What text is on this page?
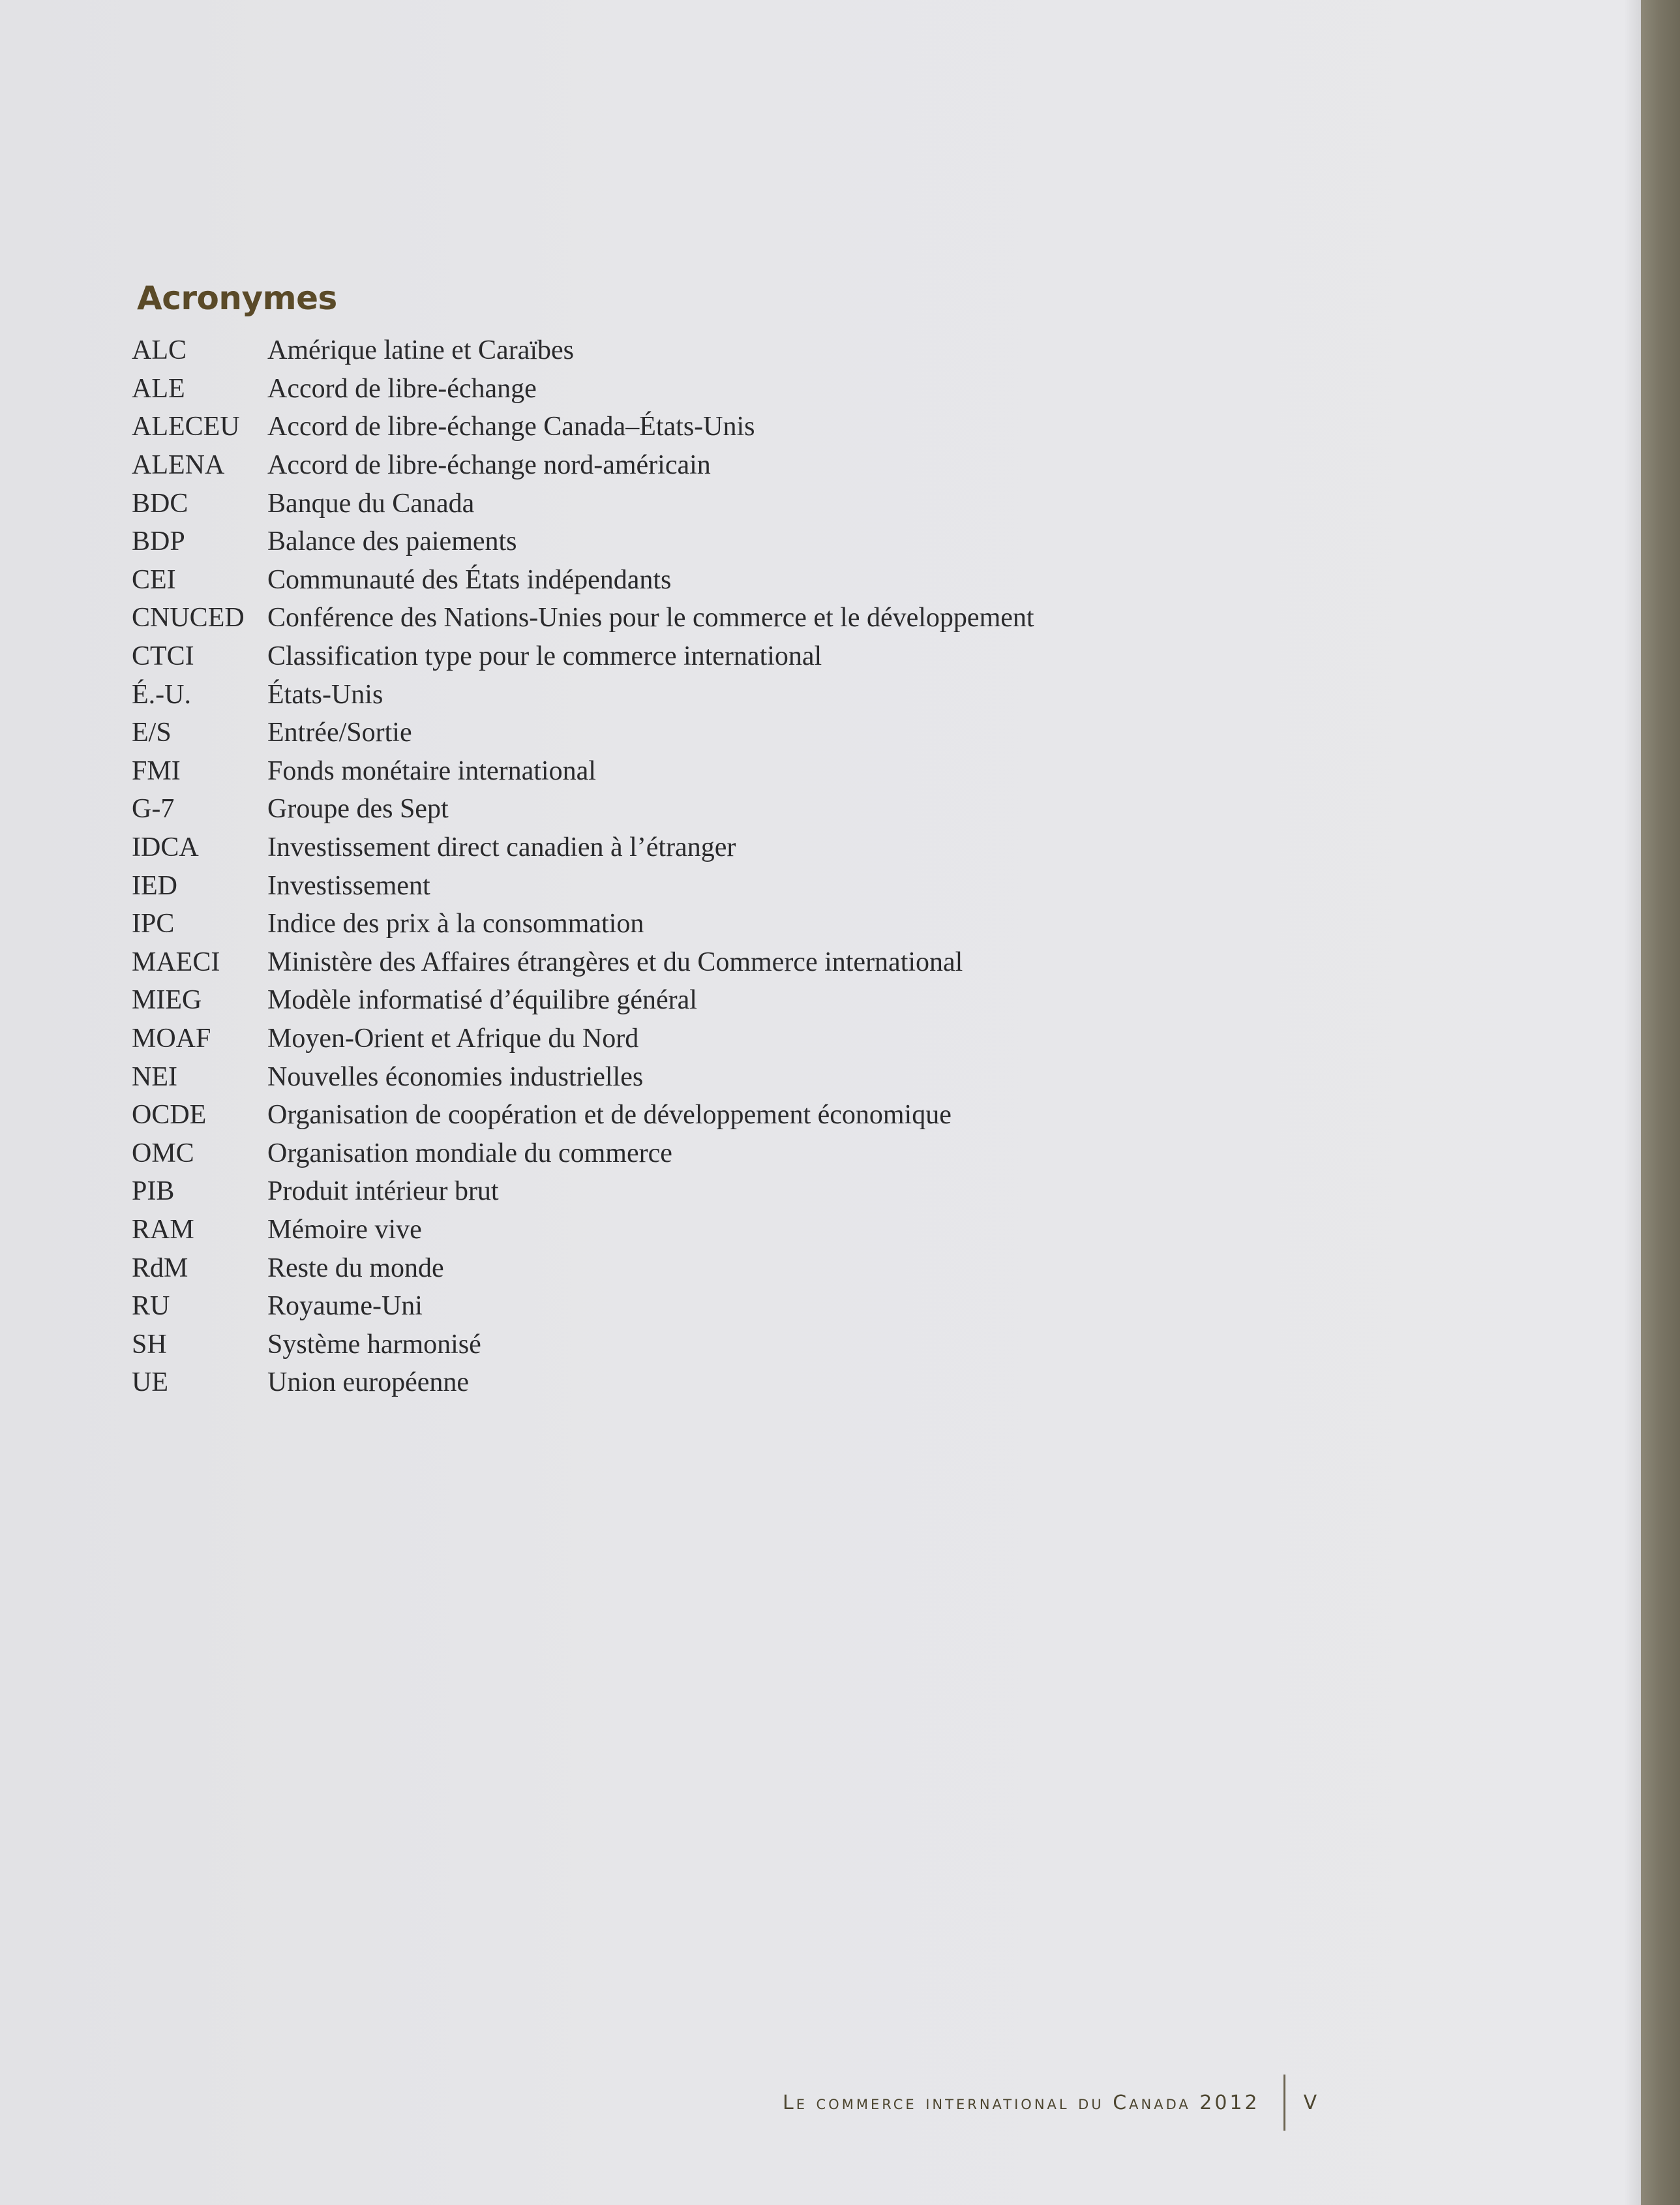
Acronymes
ALC	Amérique latine et Caraïbes
ALE	Accord de libre-échange
ALECEU	Accord de libre-échange Canada–États-Unis
ALENA	Accord de libre-échange nord-américain
BDC	Banque du Canada
BDP	Balance des paiements
CEI	Communauté des États indépendants
CNUCED Conférence des Nations-Unies pour le commerce et le développement
CTCI	Classification type pour le commerce international
É.-U.	États-Unis
E/S	Entrée/Sortie
FMI	Fonds monétaire international
G-7	Groupe des Sept
IDCA	Investissement direct canadien à l’étranger
IED	Investissement
IPC	Indice des prix à la consommation
MAECI	Ministère des Affaires étrangères et du Commerce international
MIEG	Modèle informatisé d’équilibre général
MOAF	Moyen-Orient et Afrique du Nord
NEI	Nouvelles économies industrielles
OCDE	Organisation de coopération et de développement économique
OMC	Organisation mondiale du commerce
PIB	Produit intérieur brut
RAM	Mémoire vive
RdM	Reste du monde
RU	Royaume-Uni
SH	Système harmonisé
UE	Union européenne
Le commerce international du Canada 2012 V
